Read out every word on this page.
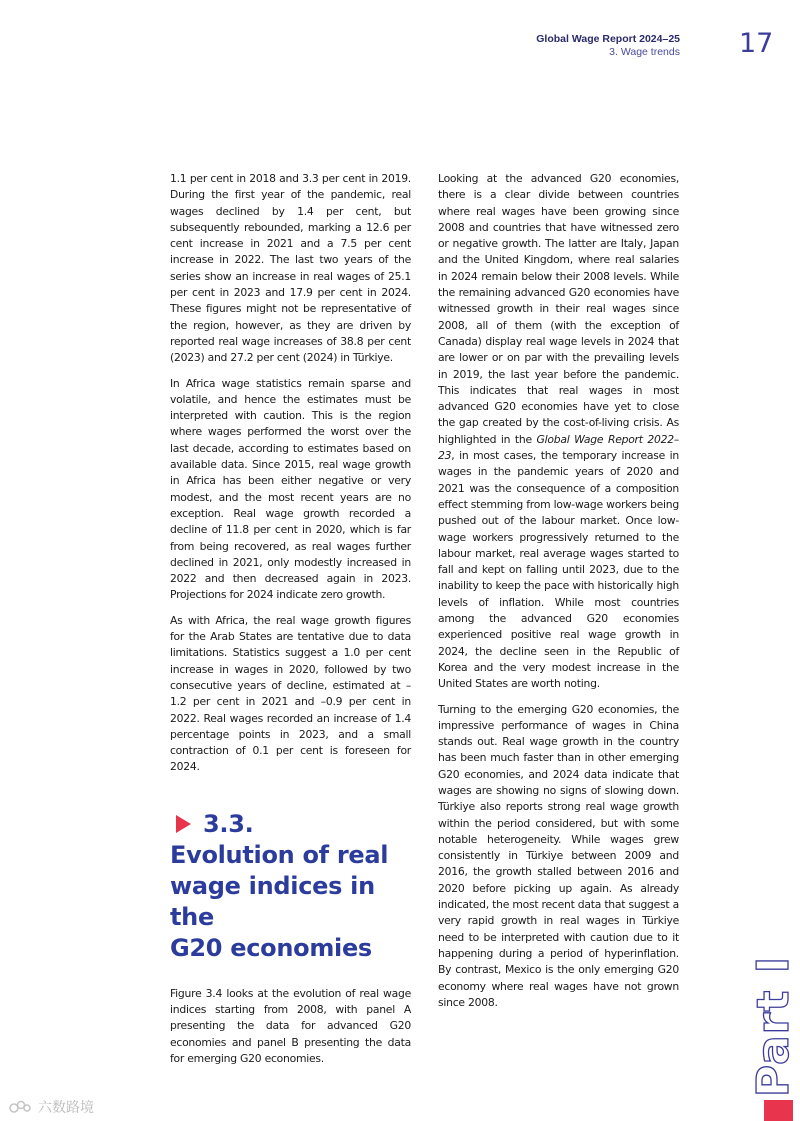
Global Wage Report 2024–25
3. Wage trends 17

1.1 per cent in 2018 and 3.3 per cent in 2019. During the first year of the pandemic, real wages declined by 1.4 per cent, but subsequently rebounded, marking a 12.6 per cent increase in 2021 and a 7.5 per cent increase in 2022. The last two years of the series show an increase in real wages of 25.1 per cent in 2023 and 17.9 per cent in 2024. These figures might not be representative of the region, however, as they are driven by reported real wage increases of 38.8 per cent (2023) and 27.2 per cent (2024) in Türkiye.

In Africa wage statistics remain sparse and volatile, and hence the estimates must be interpreted with caution. This is the region where wages performed the worst over the last decade, according to estimates based on available data. Since 2015, real wage growth in Africa has been either negative or very modest, and the most recent years are no exception. Real wage growth recorded a decline of 11.8 per cent in 2020, which is far from being recovered, as real wages further declined in 2021, only modestly increased in 2022 and then decreased again in 2023. Projections for 2024 indicate zero growth.

As with Africa, the real wage growth figures for the Arab States are tentative due to data limitations. Statistics suggest a 1.0 per cent increase in wages in 2020, followed by two consecutive years of decline, estimated at –1.2 per cent in 2021 and –0.9 per cent in 2022. Real wages recorded an increase of 1.4 percentage points in 2023, and a small contraction of 0.1 per cent is foreseen for 2024.

3.3.
Evolution of real
wage indices in the
G20 economies

Figure 3.4 looks at the evolution of real wage indices starting from 2008, with panel A presenting the data for advanced G20 economies and panel B presenting the data for emerging G20 economies.

Looking at the advanced G20 economies, there is a clear divide between countries where real wages have been growing since 2008 and countries that have witnessed zero or negative growth. The latter are Italy, Japan and the United Kingdom, where real salaries in 2024 remain below their 2008 levels. While the remaining advanced G20 economies have witnessed growth in their real wages since 2008, all of them (with the exception of Canada) display real wage levels in 2024 that are lower or on par with the prevailing levels in 2019, the last year before the pandemic. This indicates that real wages in most advanced G20 economies have yet to close the gap created by the cost-of-living crisis. As highlighted in the Global Wage Report 2022–23, in most cases, the temporary increase in wages in the pandemic years of 2020 and 2021 was the consequence of a composition effect stemming from low-wage workers being pushed out of the labour market. Once low-wage workers progressively returned to the labour market, real average wages started to fall and kept on falling until 2023, due to the inability to keep the pace with historically high levels of inflation. While most countries among the advanced G20 economies experienced positive real wage growth in 2024, the decline seen in the Republic of Korea and the very modest increase in the United States are worth noting.

Turning to the emerging G20 economies, the impressive performance of wages in China stands out. Real wage growth in the country has been much faster than in other emerging G20 economies, and 2024 data indicate that wages are showing no signs of slowing down. Türkiye also reports strong real wage growth within the period considered, but with some notable heterogeneity. While wages grew consistently in Türkiye between 2009 and 2016, the growth stalled between 2016 and 2020 before picking up again. As already indicated, the most recent data that suggest a very rapid growth in real wages in Türkiye need to be interpreted with caution due to it happening during a period of hyperinflation. By contrast, Mexico is the only emerging G20 economy where real wages have not grown since 2008.	Part I
六数路境
